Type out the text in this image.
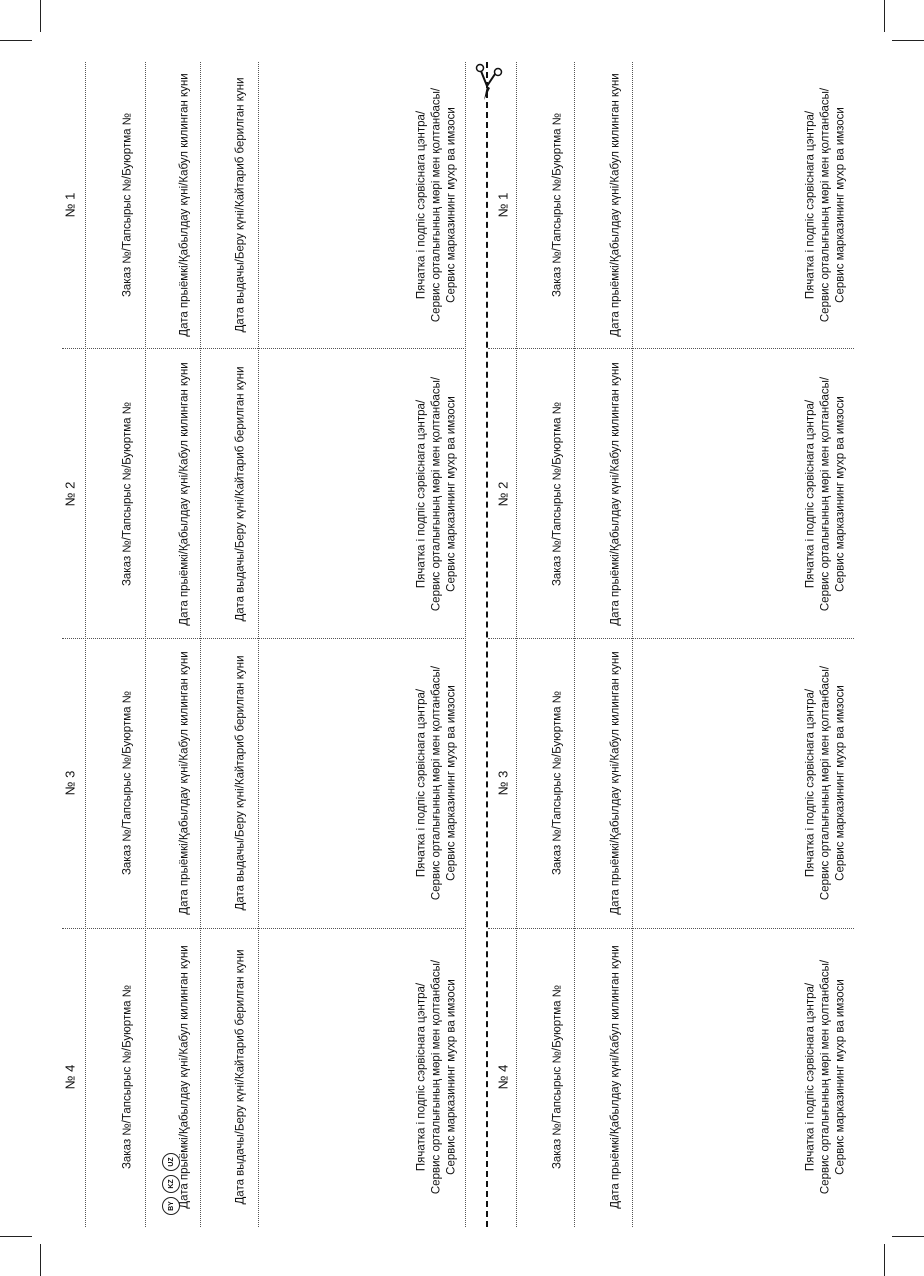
№ 1	Заказ №/Тапсырыс №/Буюртма №	Дата прыёмкі/Қабылдау күні/Кабул килинган куни	Дата выдачы/Беру күні/Кайтариб берилган куни	Пячатка і подпіс сэрвіснага цэнтра/ Сервис орталығының мөрі мен қолтанбасы/ Сервис марказининг мухр ва имзоси	№ 1	Заказ №/Тапсырыс №/Буюртма №	Дата прыёмкі/Қабылдау күні/Кабул килинган куни	Пячатка і подпіс сэрвіснага цэнтра/ Сервис орталығының мөрі мен қолтанбасы/ Сервис марказининг мухр ва имзоси
№ 2	Заказ №/Тапсырыс №/Буюртма №	Дата прыёмкі/Қабылдау күні/Кабул килинган куни	Дата выдачы/Беру күні/Кайтариб берилган куни	Пячатка і подпіс сэрвіснага цэнтра/ Сервис орталығының мөрі мен қолтанбасы/ Сервис марказининг мухр ва имзоси	№ 2	Заказ №/Тапсырыс №/Буюртма №	Дата прыёмкі/Қабылдау күні/Кабул килинган куни	Пячатка і подпіс сэрвіснага цэнтра/ Сервис орталығының мөрі мен қолтанбасы/ Сервис марказининг мухр ва имзоси
№ 3	Заказ №/Тапсырыс №/Буюртма №	Дата прыёмкі/Қабылдау күні/Кабул килинган куни	Дата выдачы/Беру күні/Кайтариб берилган куни	Пячатка і подпіс сэрвіснага цэнтра/ Сервис орталығының мөрі мен қолтанбасы/ Сервис марказининг мухр ва имзоси	№ 3	Заказ №/Тапсырыс №/Буюртма №	Дата прыёмкі/Қабылдау күні/Кабул килинган куни	Пячатка і подпіс сэрвіснага цэнтра/ Сервис орталығының мөрі мен қолтанбасы/ Сервис марказининг мухр ва имзоси
№ 4	Заказ №/Тапсырыс №/Буюртма №	Дата прыёмкі/Қабылдау күні/Кабул килинган куни	Дата выдачы/Беру күні/Кайтариб берилган куни	Пячатка і подпіс сэрвіснага цэнтра/ Сервис орталығының мөрі мен қолтанбасы/ Сервис марказининг мухр ва имзоси	№ 4	Заказ №/Тапсырыс №/Буюртма №	Дата прыёмкі/Қабылдау күні/Кабул килинган куни	Пячатка і подпіс сэрвіснага цэнтра/ Сервис орталығының мөрі мен қолтанбасы/ Сервис марказининг мухр ва имзоси
BY
KZ
UZ
